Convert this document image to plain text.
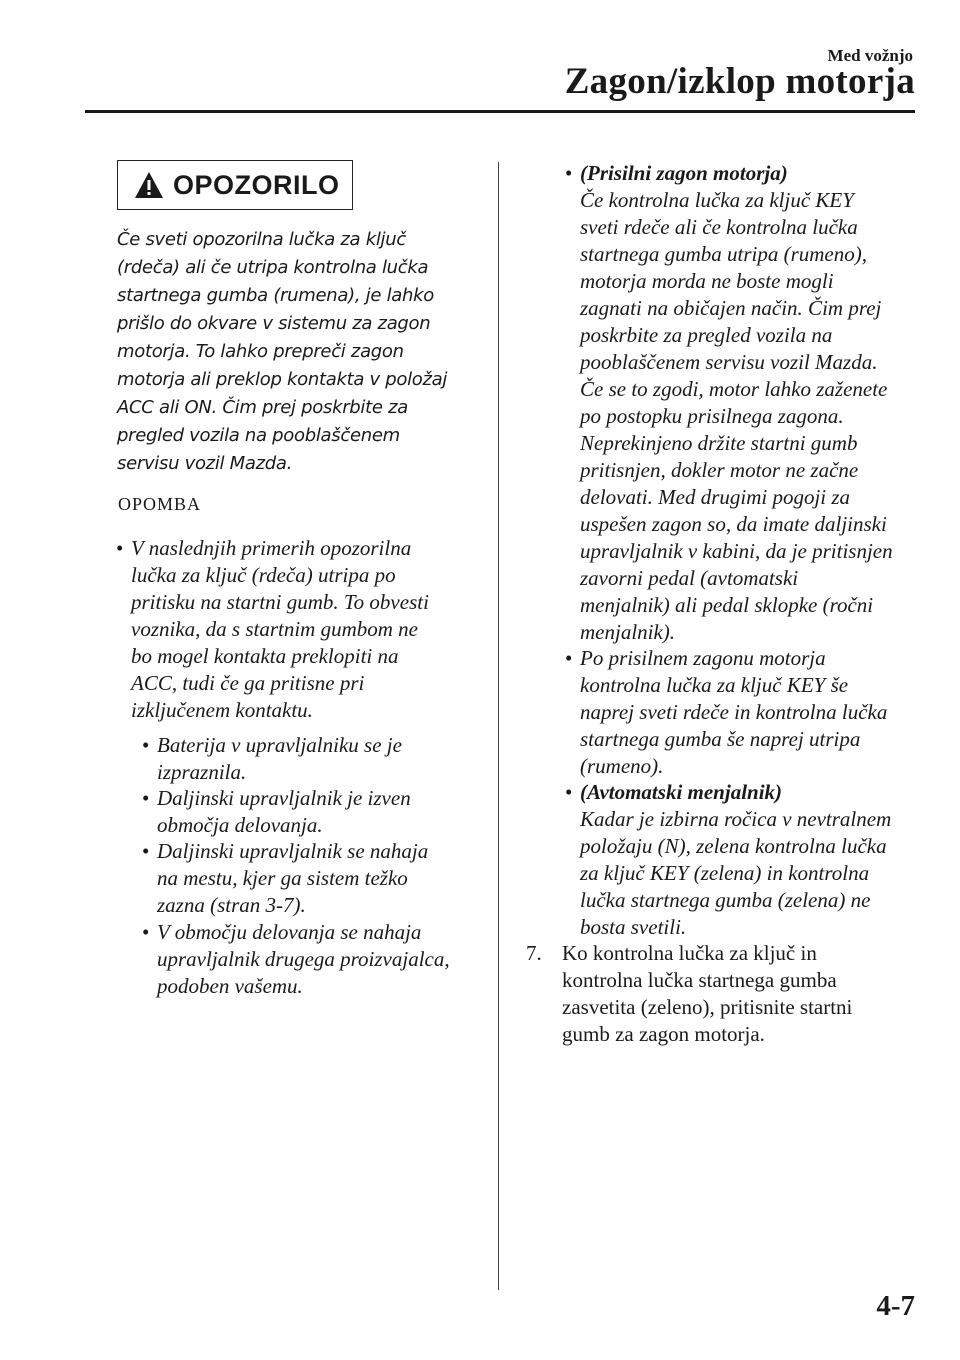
Med vožnjo
Zagon/izklop motorja
OPOZORILO
Če sveti opozorilna lučka za ključ
(rdeča) ali če utripa kontrolna lučka
startnega gumba (rumena), je lahko
prišlo do okvare v sistemu za zagon
motorja. To lahko prepreči zagon
motorja ali preklop kontakta v položaj
ACC ali ON. Čim prej poskrbite za
pregled vozila na pooblaščenem
servisu vozil Mazda.
OPOMBA
• V naslednjih primerih opozorilna

lučka za ključ (rdeča) utripa po

pritisku na startni gumb. To obvesti

voznika, da s startnim gumbom ne

bo mogel kontakta preklopiti na

ACC, tudi če ga pritisne pri

izključenem kontaktu.

• Baterija v upravljalniku se je

izpraznila.

• Daljinski upravljalnik je izven

območja delovanja.

• Daljinski upravljalnik se nahaja

na mestu, kjer ga sistem težko

zazna (stran 3-7).

• V območju delovanja se nahaja

upravljalnik drugega proizvajalca,

podoben vašemu.

• (Prisilni zagon motorja)

Če kontrolna lučka za ključ KEY

sveti rdeče ali če kontrolna lučka

startnega gumba utripa (rumeno),

motorja morda ne boste mogli

zagnati na običajen način. Čim prej

poskrbite za pregled vozila na

pooblaščenem servisu vozil Mazda.

Če se to zgodi, motor lahko zaženete

po postopku prisilnega zagona.

Neprekinjeno držite startni gumb

pritisnjen, dokler motor ne začne

delovati. Med drugimi pogoji za

uspešen zagon so, da imate daljinski

upravljalnik v kabini, da je pritisnjen

zavorni pedal (avtomatski

menjalnik) ali pedal sklopke (ročni

menjalnik).

• Po prisilnem zagonu motorja

kontrolna lučka za ključ KEY še

naprej sveti rdeče in kontrolna lučka

startnega gumba še naprej utripa

(rumeno).

• (Avtomatski menjalnik)

Kadar je izbirna ročica v nevtralnem

položaju (N), zelena kontrolna lučka

za ključ KEY (zelena) in kontrolna

lučka startnega gumba (zelena) ne

bosta svetili.

7. Ko kontrolna lučka za ključ in
kontrolna lučka startnega gumba
zasvetita (zeleno), pritisnite startni
gumb za zagon motorja.
4-7
